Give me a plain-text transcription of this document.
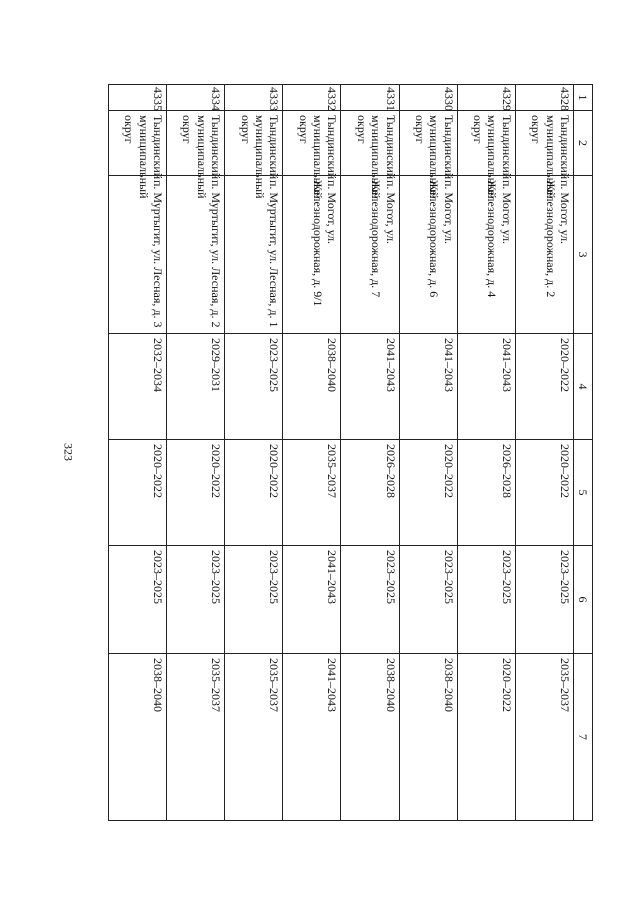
323
1	2	3	4	5	6	7
4328	Тындинский муниципальный округ	п. Могот, ул. Железнодорожная, д. 2	2020–2022	2020–2022	2023–2025	2035–2037
4329	Тындинский муниципальный округ	п. Могот, ул. Железнодорожная, д. 4	2041–2043	2026–2028	2023–2025	2020–2022
4330	Тындинский муниципальный округ	п. Могот, ул. Железнодорожная, д. 6	2041–2043	2020–2022	2023–2025	2038–2040
4331	Тындинский муниципальный округ	п. Могот, ул. Железнодорожная, д. 7	2041–2043	2026–2028	2023–2025	2038–2040
4332	Тындинский муниципальный округ	п. Могот, ул. Железнодорожная, д. 9/1	2038–2040	2035–2037	2041–2043	2041–2043
4333	Тындинский муниципальный округ	п. Муртыгит, ул. Лесная, д. 1	2023–2025	2020–2022	2023–2025	2035–2037
4334	Тындинский муниципальный округ	п. Муртыгит, ул. Лесная, д. 2	2029–2031	2020–2022	2023–2025	2035–2037
4335	Тындинский муниципальный округ	п. Муртыгит, ул. Лесная, д. 3	2032–2034	2020–2022	2023–2025	2038–2040
